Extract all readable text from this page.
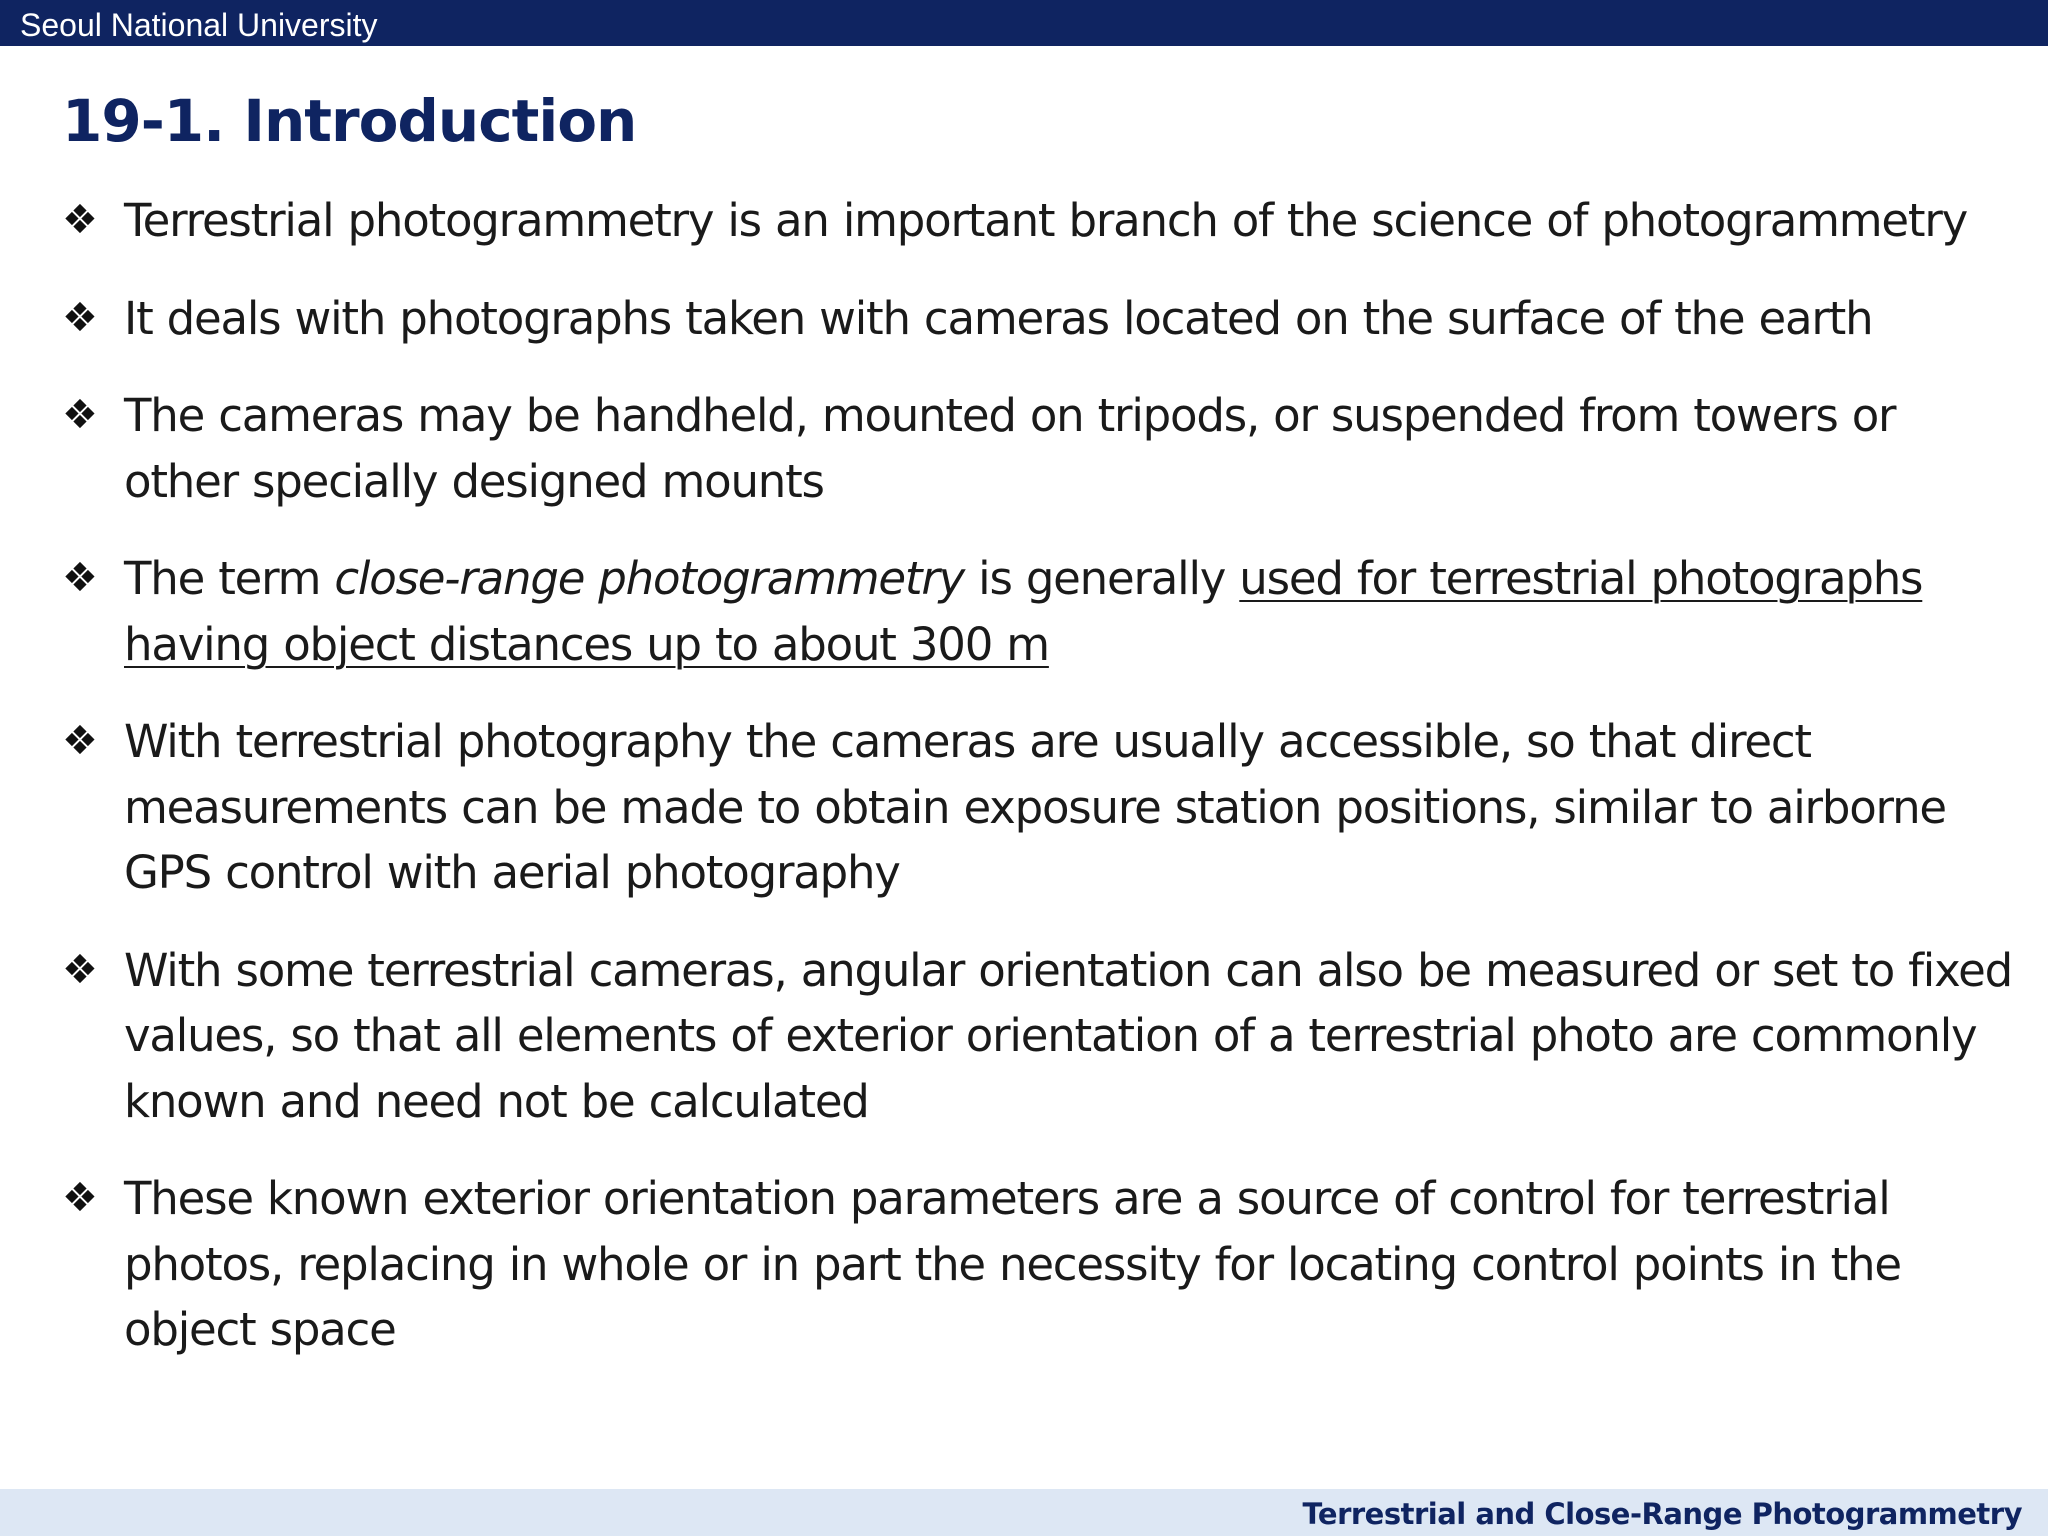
Seoul National University
19-1. Introduction
❖ Terrestrial photogrammetry is an important branch of the science of photogrammetry
❖ It deals with photographs taken with cameras located on the surface of the earth
❖ The cameras may be handheld, mounted on tripods, or suspended from towers or other specially designed mounts
❖ The term close-range photogrammetry is generally used for terrestrial photographs having object distances up to about 300 m
❖ With terrestrial photography the cameras are usually accessible, so that direct measurements can be made to obtain exposure station positions, similar to airborne GPS control with aerial photography
❖ With some terrestrial cameras, angular orientation can also be measured or set to fixed values, so that all elements of exterior orientation of a terrestrial photo are commonly known and need not be calculated
❖ These known exterior orientation parameters are a source of control for terrestrial photos, replacing in whole or in part the necessity for locating control points in the object space
Terrestrial and Close-Range Photogrammetry
